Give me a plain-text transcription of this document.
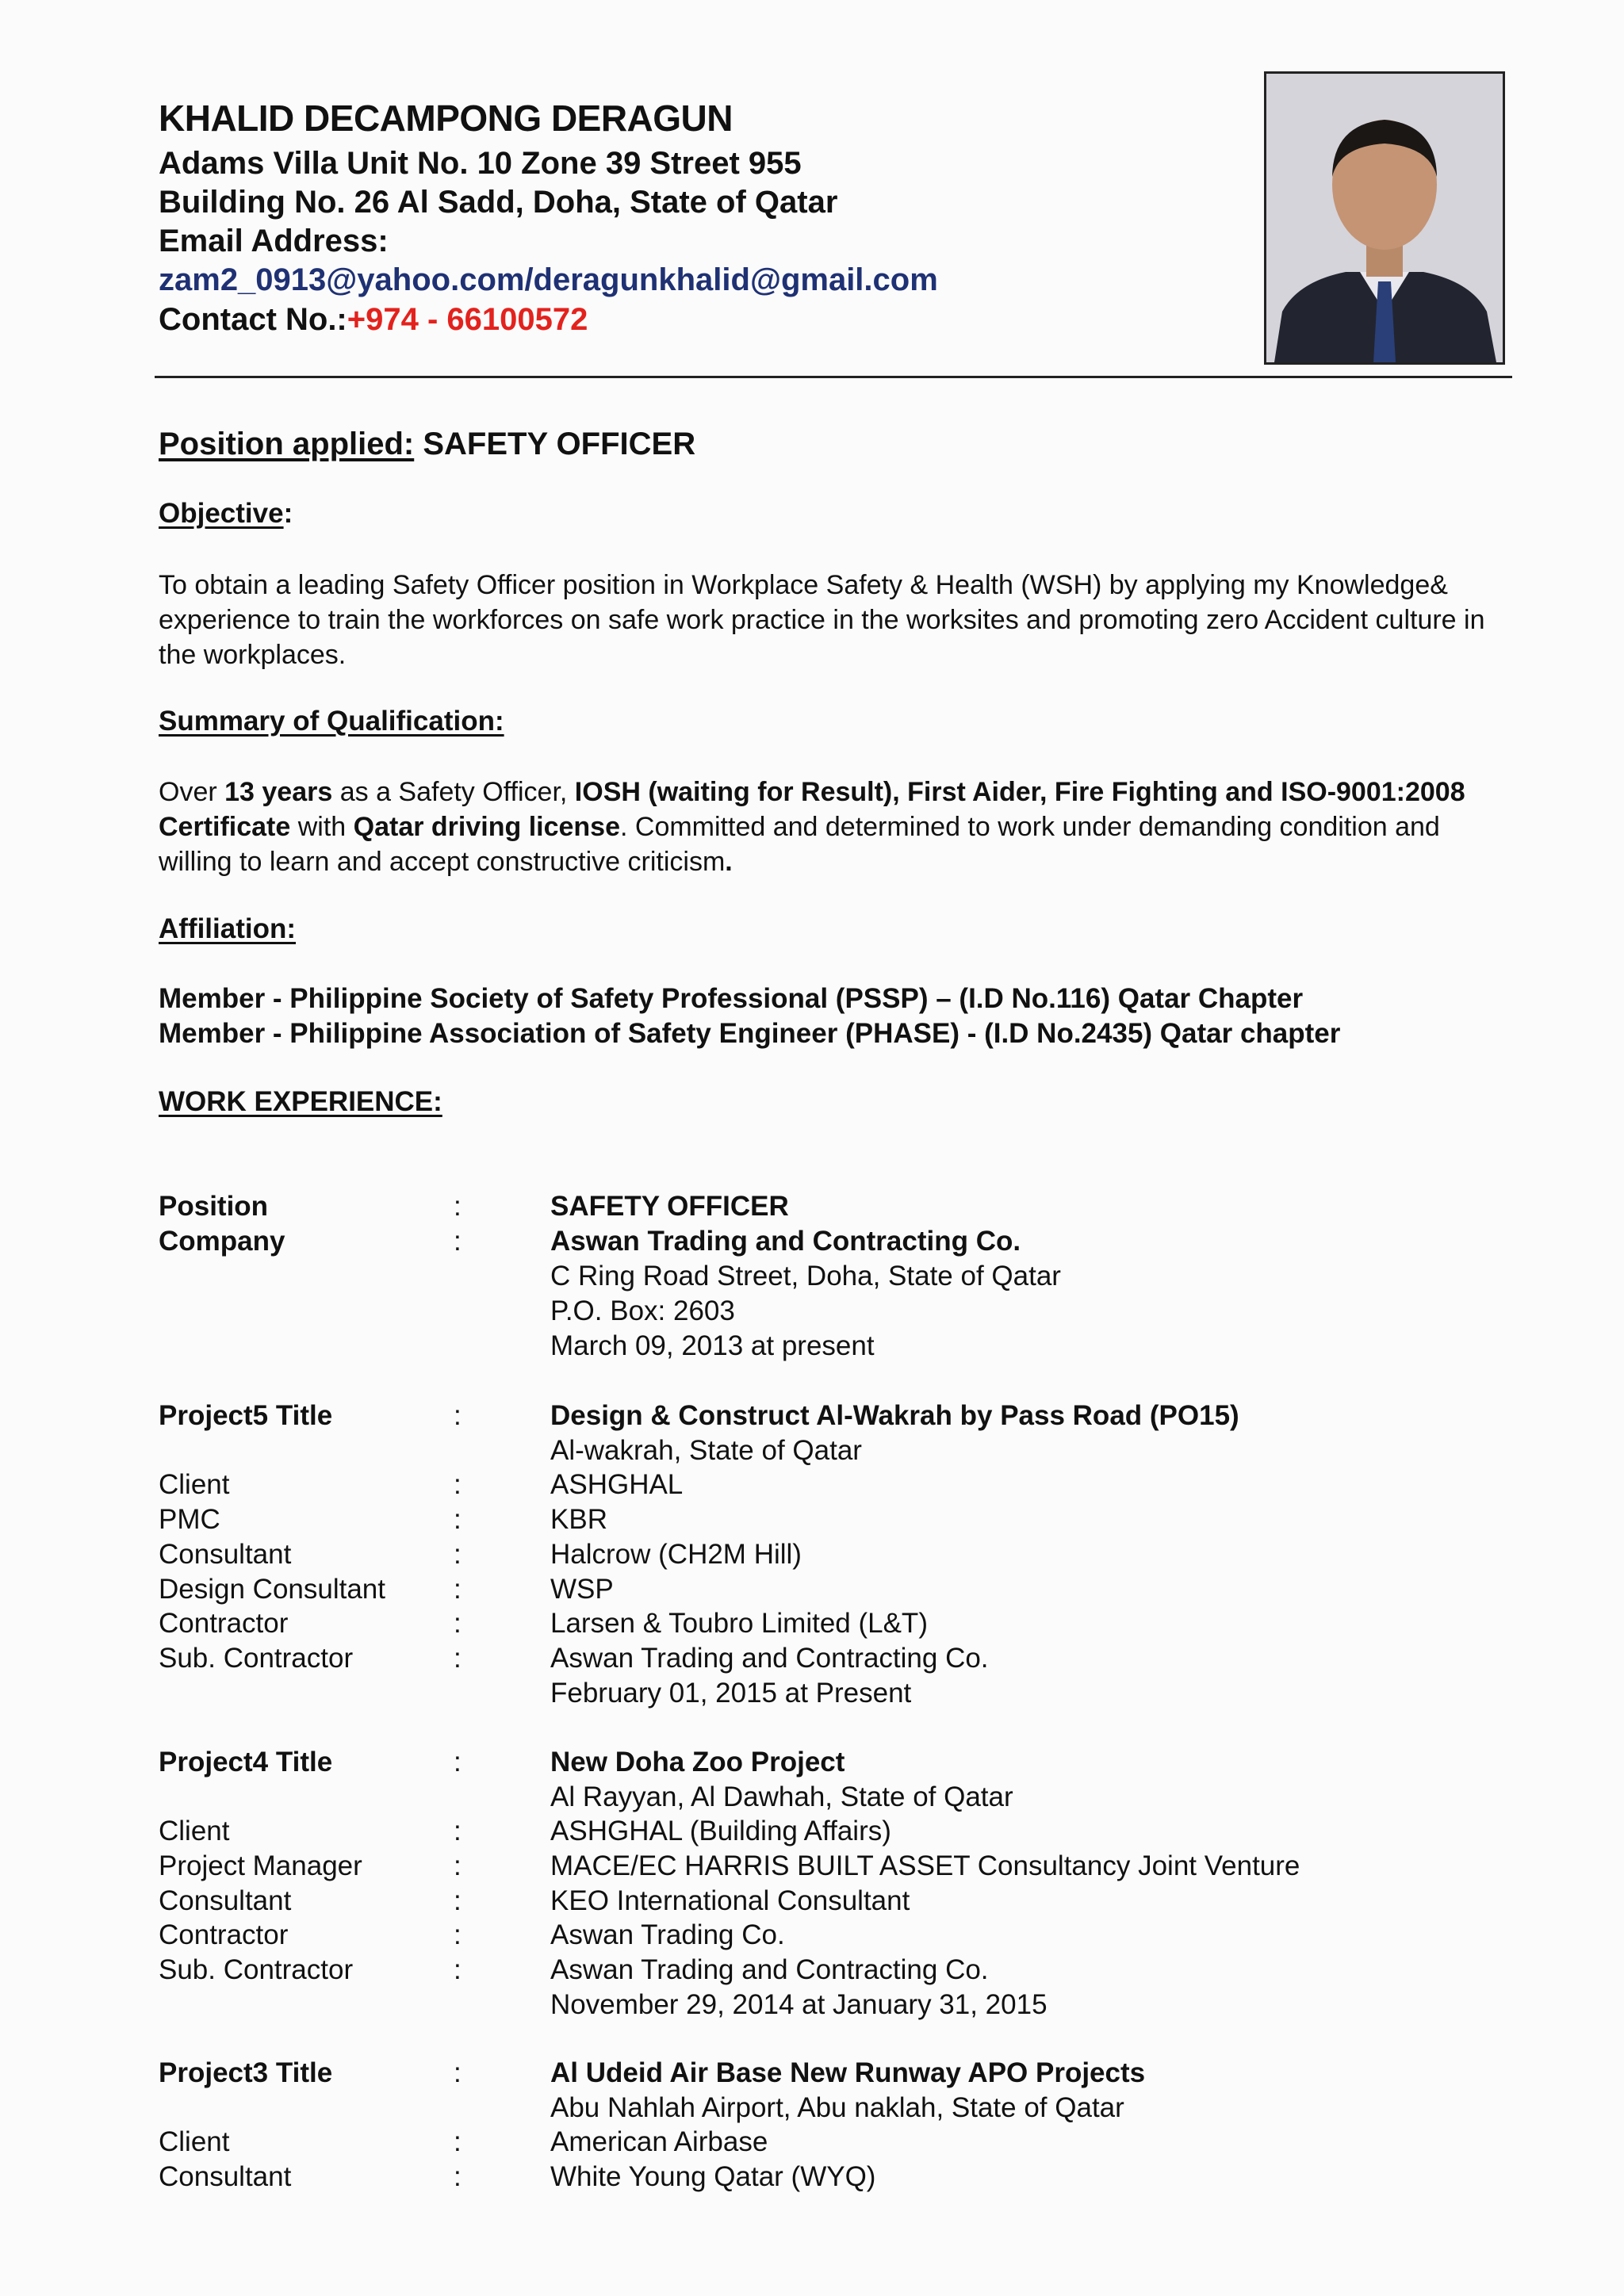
KHALID DECAMPONG DERAGUN
Adams Villa Unit No. 10 Zone 39 Street 955
Building No. 26 Al Sadd, Doha, State of Qatar
Email Address:
zam2_0913@yahoo.com/deragunkhalid@gmail.com
Contact No.:+974 - 66100572
Position applied: SAFETY OFFICER
Objective:
To obtain a leading Safety Officer position in Workplace Safety & Health (WSH) by applying my Knowledge& experience to train the workforces on safe work practice in the worksites and promoting zero Accident culture in the workplaces.
Summary of Qualification:
Over 13 years as a Safety Officer, IOSH (waiting for Result), First Aider, Fire Fighting and ISO-9001:2008 Certificate with Qatar driving license. Committed and determined to work under demanding condition and willing to learn and accept constructive criticism.
Affiliation:
Member - Philippine Society of Safety Professional (PSSP) – (I.D No.116) Qatar Chapter
Member - Philippine Association of Safety Engineer (PHASE) - (I.D No.2435) Qatar chapter
WORK EXPERIENCE:
Position	:	SAFETY OFFICER
Company	:	Aswan Trading and Contracting Co.
C Ring Road Street, Doha, State of Qatar
P.O. Box: 2603
March 09, 2013 at present
Project5 Title	:	Design & Construct Al-Wakrah by Pass Road (PO15)
Al-wakrah, State of Qatar
Client	:	ASHGHAL
PMC	:	KBR
Consultant	:	Halcrow (CH2M Hill)
Design Consultant :	WSP
Contractor	:	Larsen & Toubro Limited (L&T)
Sub. Contractor	:	Aswan Trading and Contracting Co.
February 01, 2015 at Present
Project4 Title	:	New Doha Zoo Project
Al Rayyan, Al Dawhah, State of Qatar
Client	:	ASHGHAL (Building Affairs)
Project Manager	:	MACE/EC HARRIS BUILT ASSET Consultancy Joint Venture
Consultant	:	KEO International Consultant
Contractor	:	Aswan Trading Co.
Sub. Contractor	:	Aswan Trading and Contracting Co.
November 29, 2014 at January 31, 2015
Project3 Title	:	Al Udeid Air Base New Runway APO Projects
Abu Nahlah Airport, Abu naklah, State of Qatar
Client	:	American Airbase
Consultant	:	White Young Qatar (WYQ)
